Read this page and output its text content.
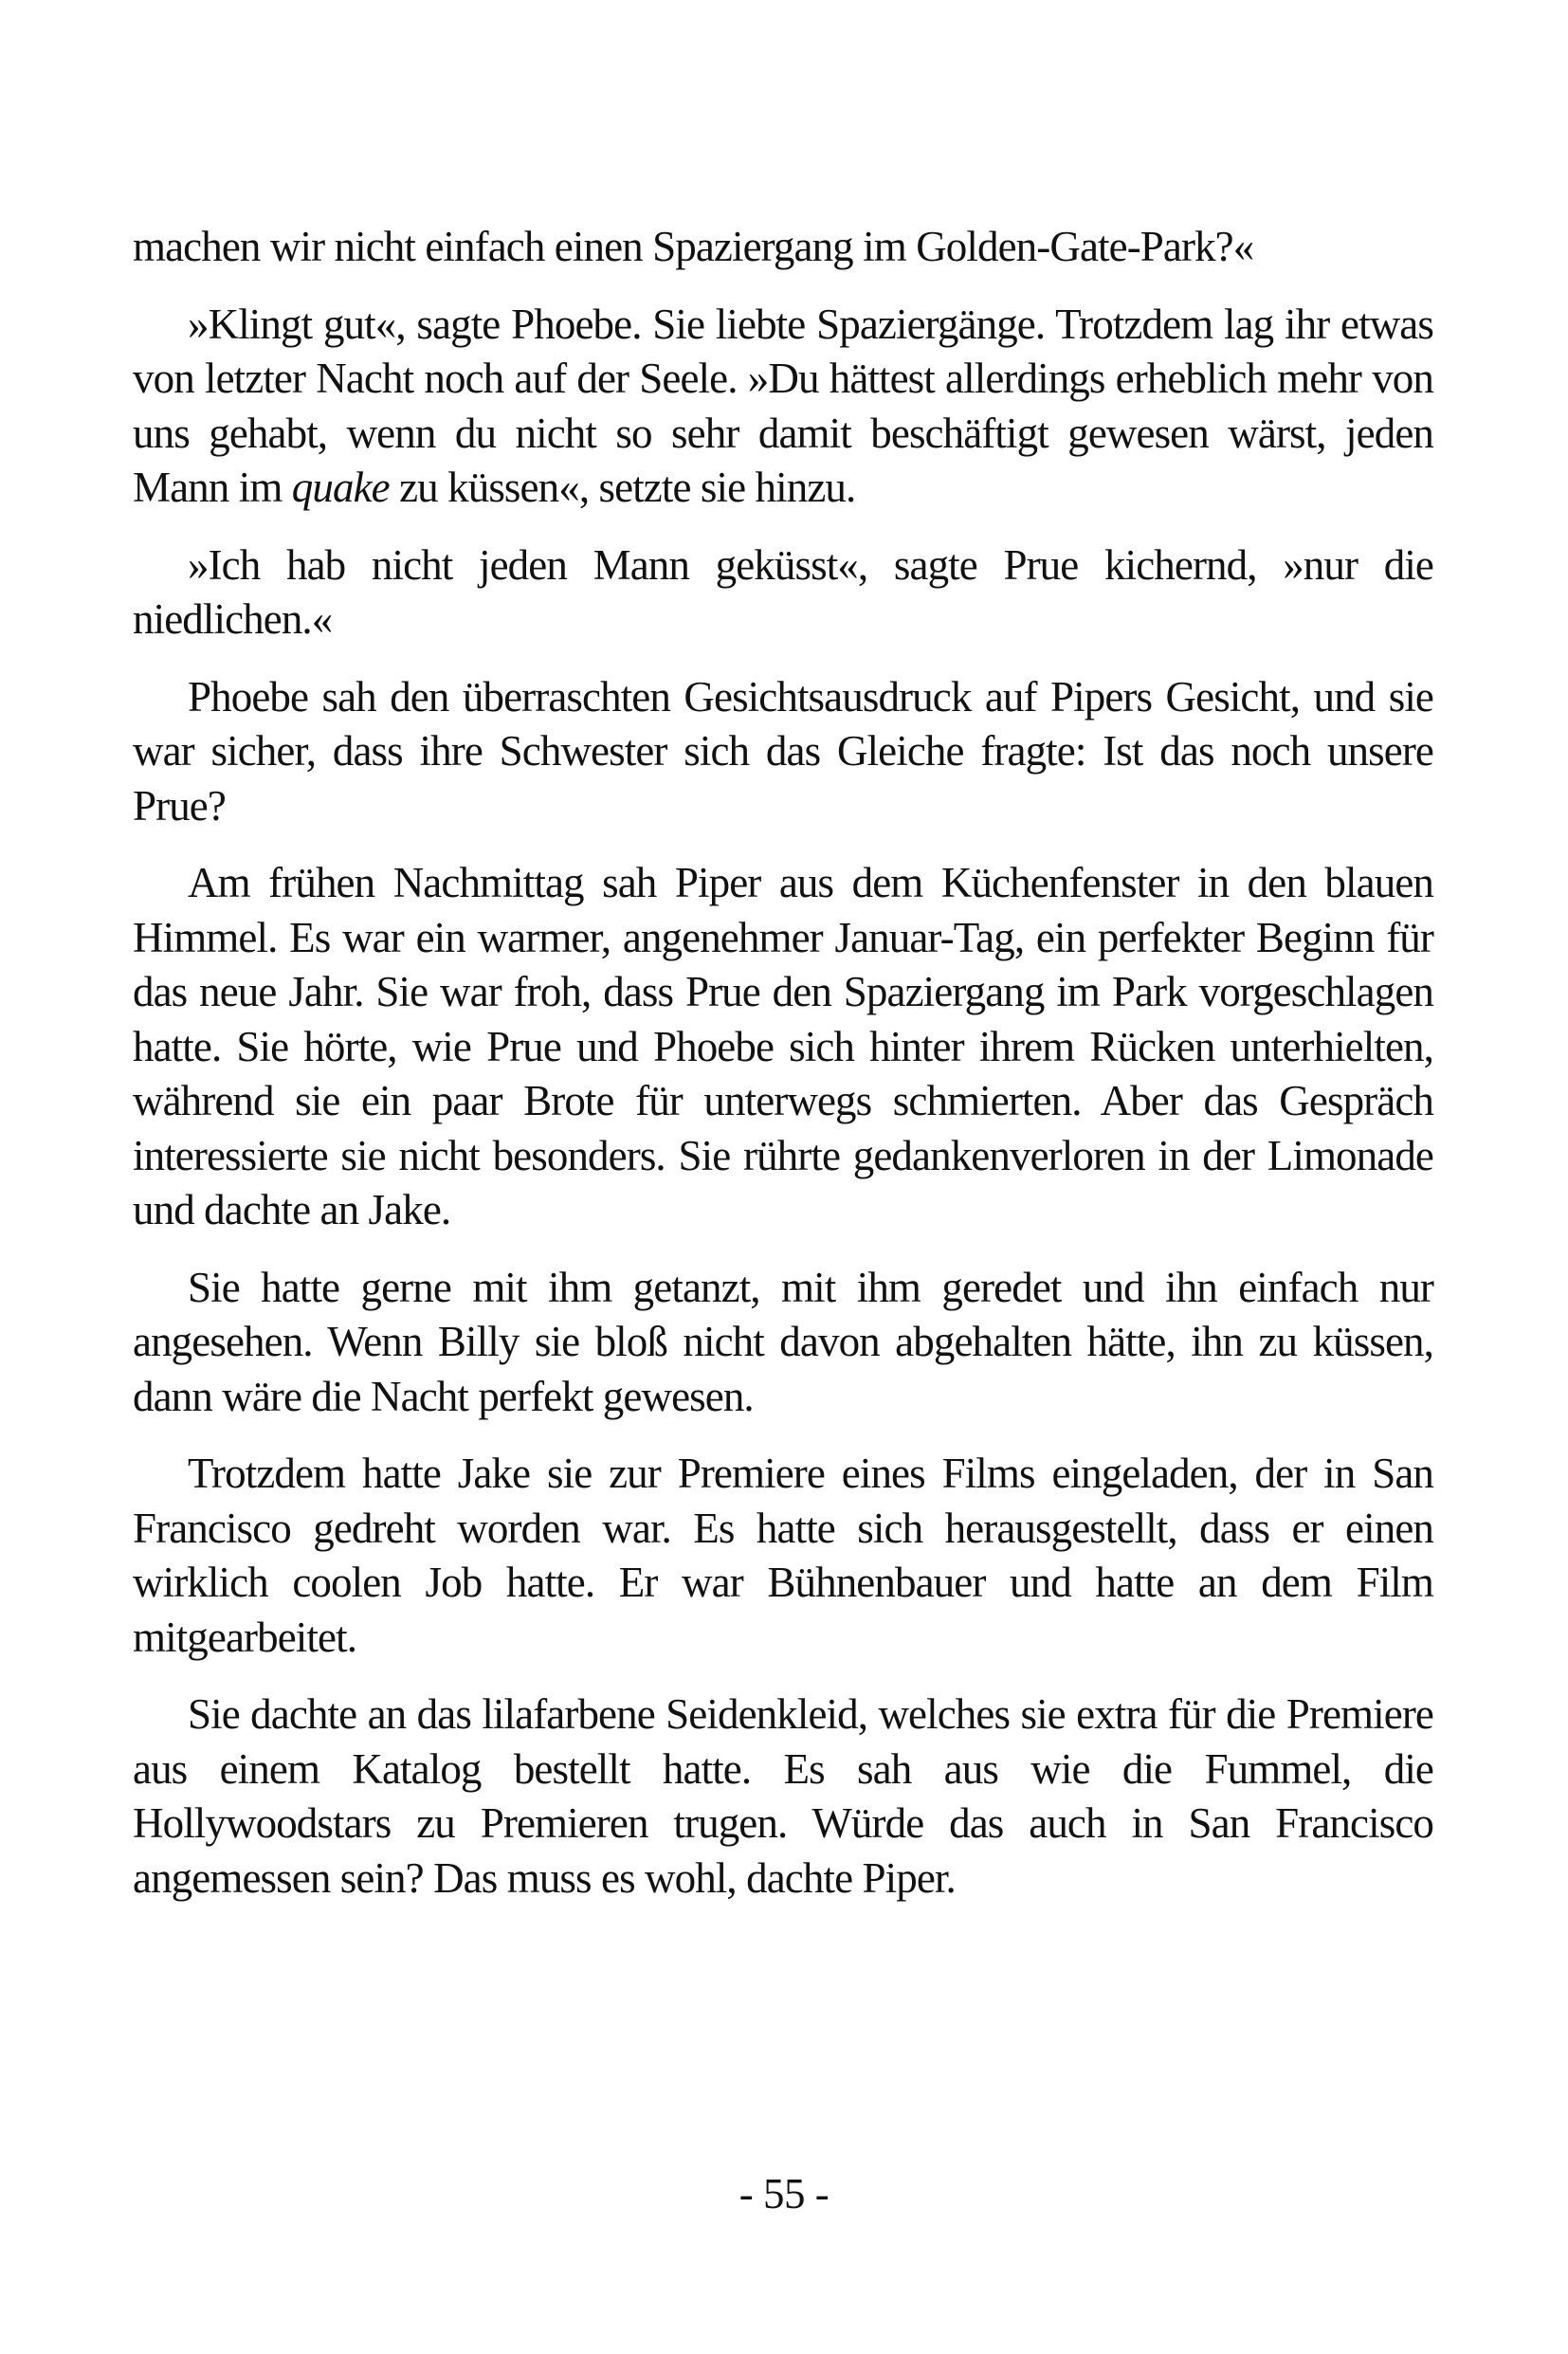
machen wir nicht einfach einen Spaziergang im Golden-Gate-Park?«

»Klingt gut«, sagte Phoebe. Sie liebte Spaziergänge. Trotzdem lag ihr etwas von letzter Nacht noch auf der Seele. »Du hättest allerdings erheblich mehr von uns gehabt, wenn du nicht so sehr damit beschäftigt gewesen wärst, jeden Mann im quake zu küssen«, setzte sie hinzu.

»Ich hab nicht jeden Mann geküsst«, sagte Prue kichernd, »nur die niedlichen.«

Phoebe sah den überraschten Gesichtsausdruck auf Pipers Gesicht, und sie war sicher, dass ihre Schwester sich das Gleiche fragte: Ist das noch unsere Prue?

Am frühen Nachmittag sah Piper aus dem Küchenfenster in den blauen Himmel. Es war ein warmer, angenehmer Januar-Tag, ein perfekter Beginn für das neue Jahr. Sie war froh, dass Prue den Spaziergang im Park vorgeschlagen hatte. Sie hörte, wie Prue und Phoebe sich hinter ihrem Rücken unterhielten, während sie ein paar Brote für unterwegs schmierten. Aber das Gespräch interessierte sie nicht besonders. Sie rührte gedankenverloren in der Limonade und dachte an Jake.

Sie hatte gerne mit ihm getanzt, mit ihm geredet und ihn einfach nur angesehen. Wenn Billy sie bloß nicht davon abgehalten hätte, ihn zu küssen, dann wäre die Nacht perfekt gewesen.

Trotzdem hatte Jake sie zur Premiere eines Films eingeladen, der in San Francisco gedreht worden war. Es hatte sich herausgestellt, dass er einen wirklich coolen Job hatte. Er war Bühnenbauer und hatte an dem Film mitgearbeitet.

Sie dachte an das lilafarbene Seidenkleid, welches sie extra für die Premiere aus einem Katalog bestellt hatte. Es sah aus wie die Fummel, die Hollywoodstars zu Premieren trugen. Würde das auch in San Francisco angemessen sein? Das muss es wohl, dachte Piper.

- 55 -
